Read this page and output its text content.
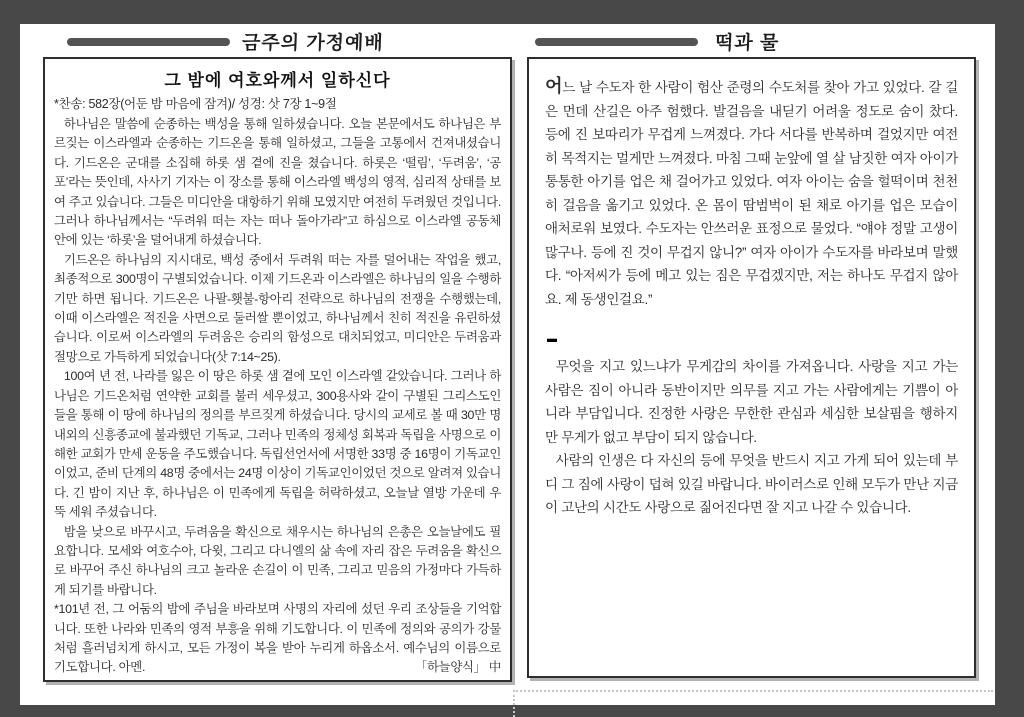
금주의 가정예배
그 밤에 여호와께서 일하신다
*찬송: 582장(어둔 밤 마음에 잠겨)/ 성경: 삿 7장 1~9절

하나님은 말씀에 순종하는 백성을 통해 일하셨습니다. 오늘 본문에서도 하나님은 부르짖는 이스라엘과 순종하는 기드온을 통해 일하셨고, 그들을 고통에서 건져내셨습니다. 기드온은 군대를 소집해 하롯 샘 곁에 진을 쳤습니다. 하롯은 ‘떨림’, ‘두려움’, ‘공포’라는 뜻인데, 사사기 기자는 이 장소를 통해 이스라엘 백성의 영적, 심리적 상태를 보여 주고 있습니다. 그들은 미디안을 대항하기 위해 모였지만 여전히 두려웠던 것입니다. 그러나 하나님께서는 “두려워 떠는 자는 떠나 돌아가라”고 하심으로 이스라엘 공동체 안에 있는 ‘하롯’을 덜어내게 하셨습니다.

기드온은 하나님의 지시대로, 백성 중에서 두려워 떠는 자를 덜어내는 작업을 했고, 최종적으로 300명이 구별되었습니다. 이제 기드온과 이스라엘은 하나님의 일을 수행하기만 하면 됩니다. 기드온은 나팔-횃불-항아리 전략으로 하나님의 전쟁을 수행했는데, 이때 이스라엘은 적진을 사면으로 둘러쌀 뿐이었고, 하나님께서 친히 적진을 유린하셨습니다. 이로써 이스라엘의 두려움은 승리의 함성으로 대치되었고, 미디안은 두려움과 절망으로 가득하게 되었습니다(삿 7:14~25).

100여 년 전, 나라를 잃은 이 땅은 하롯 샘 곁에 모인 이스라엘 같았습니다. 그러나 하나님은 기드온처럼 연약한 교회를 불러 세우셨고, 300용사와 같이 구별된 그리스도인들을 통해 이 땅에 하나님의 정의를 부르짖게 하셨습니다. 당시의 교세로 볼 때 30만 명 내외의 신흥종교에 불과했던 기독교, 그러나 민족의 정체성 회복과 독립을 사명으로 이해한 교회가 만세 운동을 주도했습니다. 독립선언서에 서명한 33명 중 16명이 기독교인이었고, 준비 단계의 48명 중에서는 24명 이상이 기독교인이었던 것으로 알려져 있습니다. 긴 밤이 지난 후, 하나님은 이 민족에게 독립을 허락하셨고, 오늘날 열방 가운데 우뚝 세워 주셨습니다.

밤을 낮으로 바꾸시고, 두려움을 확신으로 채우시는 하나님의 은총은 오늘날에도 필요합니다. 모세와 여호수아, 다윗, 그리고 다니엘의 삶 속에 자리 잡은 두려움을 확신으로 바꾸어 주신 하나님의 크고 놀라운 손길이 이 민족, 그리고 믿음의 가정마다 가득하게 되기를 바랍니다.

*101년 전, 그 어둠의 밤에 주님을 바라보며 사명의 자리에 섰던 우리 조상들을 기억합니다. 또한 나라와 민족의 영적 부흥을 위해 기도합니다. 이 민족에 정의와 공의가 강물처럼 흘러넘치게 하시고, 모든 가정이 복을 받아 누리게 하옵소서. 예수님의 이름으로 기도합니다. 아멘.	「하늘양식」 中
떡과 물

어느 날 수도자 한 사람이 험산 준령의 수도처를 찾아 가고 있었다. 갈 길은 먼데 산길은 아주 험했다. 발걸음을 내딛기 어려울 정도로 숨이 찼다. 등에 진 보따리가 무겁게 느껴졌다. 가다 서다를 반복하며 걸었지만 여전히 목적지는 멀게만 느껴졌다. 마침 그때 눈앞에 열 살 남짓한 여자 아이가 통통한 아기를 업은 채 걸어가고 있었다. 여자 아이는 숨을 헐떡이며 천천히 걸음을 옮기고 있었다. 온 몸이 땀범벅이 된 채로 아기를 업은 모습이 애처로워 보였다. 수도자는 안쓰러운 표정으로 물었다. “얘야 정말 고생이 많구나. 등에 진 것이 무겁지 않니?” 여자 아이가 수도자를 바라보며 말했다. “아저씨가 등에 메고 있는 짐은 무겁겠지만, 저는 하나도 무겁지 않아요. 제 동생인걸요.”

▬

무엇을 지고 있느냐가 무게감의 차이를 가져옵니다. 사랑을 지고 가는 사람은 짐이 아니라 동반이지만 의무를 지고 가는 사람에게는 기쁨이 아니라 부담입니다. 진정한 사랑은 무한한 관심과 세심한 보살핌을 행하지만 무게가 없고 부담이 되지 않습니다.

사람의 인생은 다 자신의 등에 무엇을 반드시 지고 가게 되어 있는데 부디 그 짐에 사랑이 덥혀 있길 바랍니다. 바이러스로 인해 모두가 만난 지금 이 고난의 시간도 사랑으로 짊어진다면 잘 지고 나갈 수 있습니다.
